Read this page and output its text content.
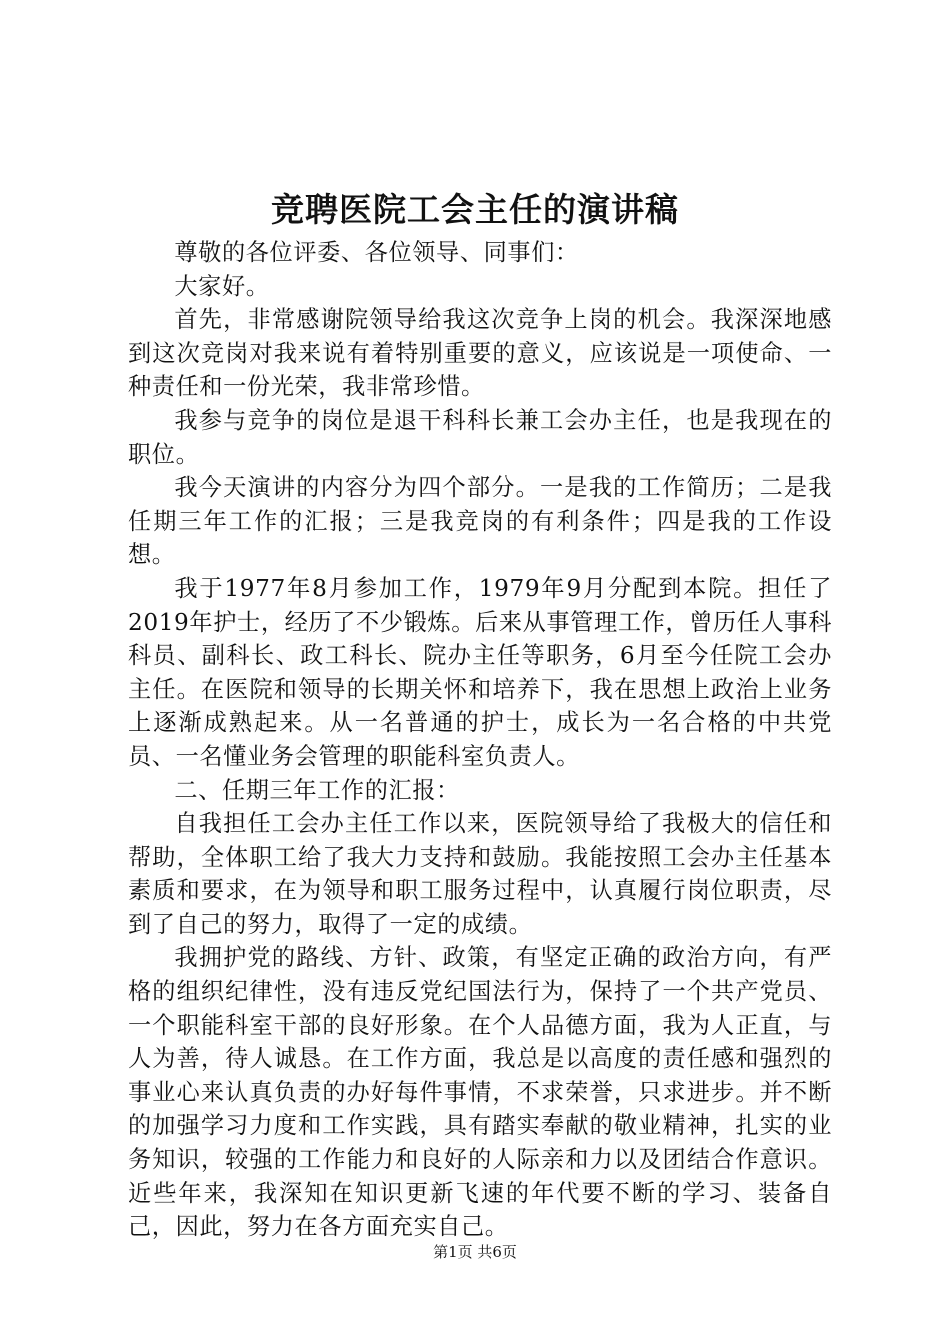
竞聘医院工会主任的演讲稿

尊敬的各位评委、各位领导、同事们：

大家好。

首先，非常感谢院领导给我这次竞争上岗的机会。我深深地感到这次竞岗对我来说有着特别重要的意义，应该说是一项使命、一种责任和一份光荣，我非常珍惜。

我参与竞争的岗位是退干科科长兼工会办主任，也是我现在的职位。

我今天演讲的内容分为四个部分。一是我的工作简历；二是我任期三年工作的汇报；三是我竞岗的有利条件；四是我的工作设想。

我于1977年8月参加工作，1979年9月分配到本院。担任了2019年护士，经历了不少锻炼。后来从事管理工作，曾历任人事科科员、副科长、政工科长、院办主任等职务，6月至今任院工会办主任。在医院和领导的长期关怀和培养下，我在思想上政治上业务上逐渐成熟起来。从一名普通的护士，成长为一名合格的中共党员、一名懂业务会管理的职能科室负责人。

二、任期三年工作的汇报：

自我担任工会办主任工作以来，医院领导给了我极大的信任和帮助，全体职工给了我大力支持和鼓励。我能按照工会办主任基本素质和要求，在为领导和职工服务过程中，认真履行岗位职责，尽到了自己的努力，取得了一定的成绩。

我拥护党的路线、方针、政策，有坚定正确的政治方向，有严格的组织纪律性，没有违反党纪国法行为，保持了一个共产党员、一个职能科室干部的良好形象。在个人品德方面，我为人正直，与人为善，待人诚恳。在工作方面，我总是以高度的责任感和强烈的事业心来认真负责的办好每件事情，不求荣誉，只求进步。并不断的加强学习力度和工作实践，具有踏实奉献的敬业精神，扎实的业务知识，较强的工作能力和良好的人际亲和力以及团结合作意识。近些年来，我深知在知识更新飞速的年代要不断的学习、装备自己，因此，努力在各方面充实自己。

第1页 共6页
